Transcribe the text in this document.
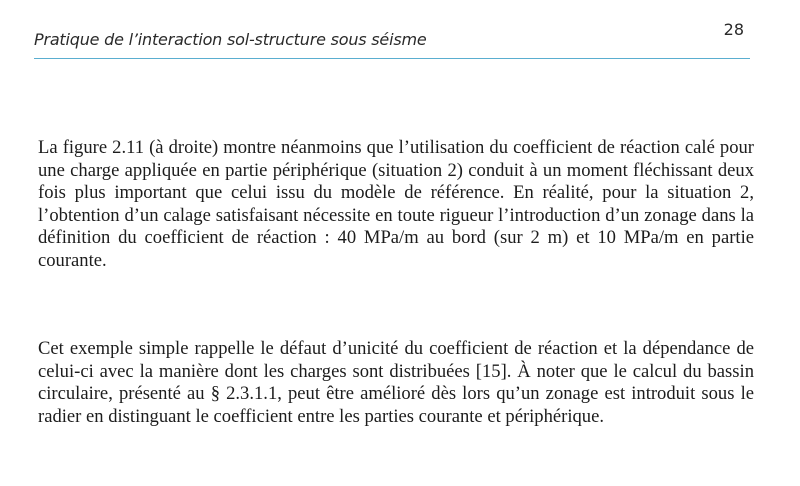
Pratique de l’interaction sol-structure sous séisme
28

La figure 2.11 (à droite) montre néanmoins que l’utilisation du coefficient de réaction calé pour une charge appliquée en partie périphérique (situation 2) conduit à un moment fléchissant deux fois plus important que celui issu du modèle de référence. En réalité, pour la situation 2, l’obtention d’un calage satisfaisant nécessite en toute rigueur l’introduction d’un zonage dans la définition du coefficient de réaction : 40 MPa/m au bord (sur 2 m) et 10 MPa/m en partie courante.

Cet exemple simple rappelle le défaut d’unicité du coefficient de réaction et la dépendance de celui-ci avec la manière dont les charges sont distribuées [15]. À noter que le calcul du bassin circulaire, présenté au § 2.3.1.1, peut être amélioré dès lors qu’un zonage est introduit sous le radier en distinguant le coefficient entre les parties courante et périphérique.
